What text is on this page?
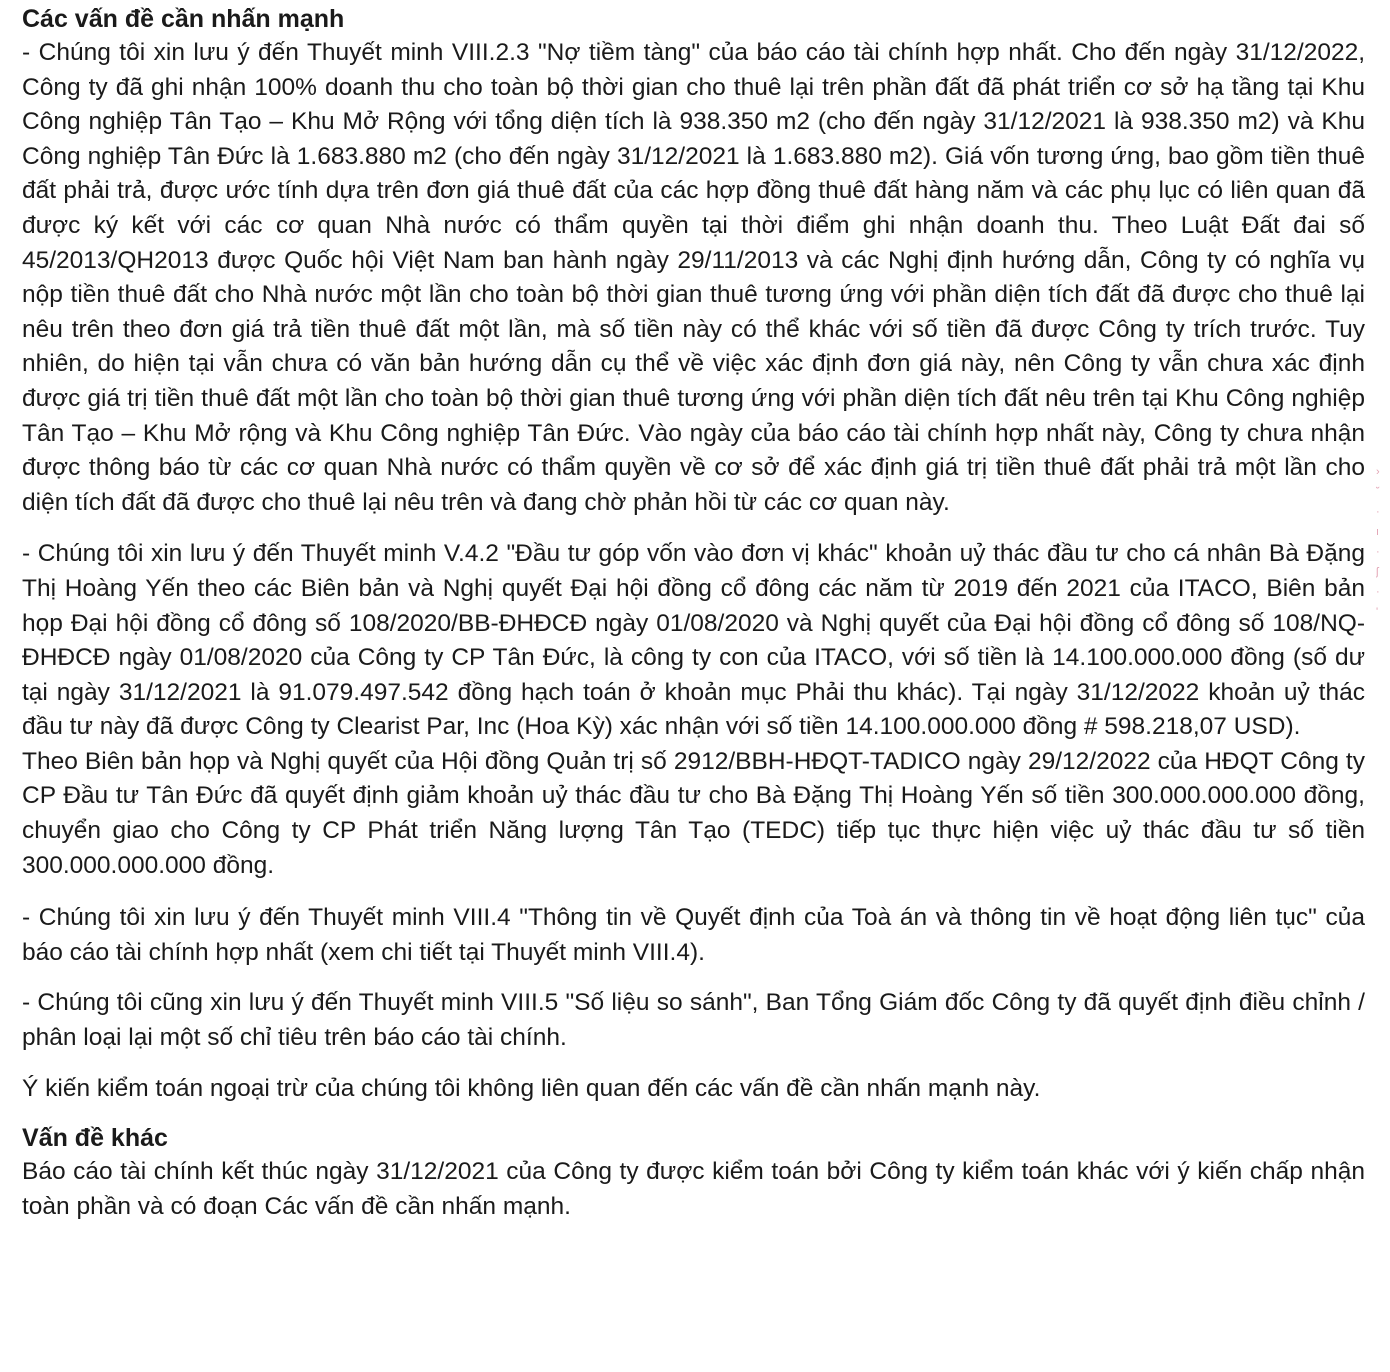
Các vấn đề cần nhấn mạnh

- Chúng tôi xin lưu ý đến Thuyết minh VIII.2.3 "Nợ tiềm tàng" của báo cáo tài chính hợp nhất. Cho đến ngày 31/12/2022, Công ty đã ghi nhận 100% doanh thu cho toàn bộ thời gian cho thuê lại trên phần đất đã phát triển cơ sở hạ tầng tại Khu Công nghiệp Tân Tạo – Khu Mở Rộng với tổng diện tích là 938.350 m2 (cho đến ngày 31/12/2021 là 938.350 m2) và Khu Công nghiệp Tân Đức là 1.683.880 m2 (cho đến ngày 31/12/2021 là 1.683.880 m2). Giá vốn tương ứng, bao gồm tiền thuê đất phải trả, được ước tính dựa trên đơn giá thuê đất của các hợp đồng thuê đất hàng năm và các phụ lục có liên quan đã được ký kết với các cơ quan Nhà nước có thẩm quyền tại thời điểm ghi nhận doanh thu. Theo Luật Đất đai số 45/2013/QH2013 được Quốc hội Việt Nam ban hành ngày 29/11/2013 và các Nghị định hướng dẫn, Công ty có nghĩa vụ nộp tiền thuê đất cho Nhà nước một lần cho toàn bộ thời gian thuê tương ứng với phần diện tích đất đã được cho thuê lại nêu trên theo đơn giá trả tiền thuê đất một lần, mà số tiền này có thể khác với số tiền đã được Công ty trích trước. Tuy nhiên, do hiện tại vẫn chưa có văn bản hướng dẫn cụ thể về việc xác định đơn giá này, nên Công ty vẫn chưa xác định được giá trị tiền thuê đất một lần cho toàn bộ thời gian thuê tương ứng với phần diện tích đất nêu trên tại Khu Công nghiệp Tân Tạo – Khu Mở rộng và Khu Công nghiệp Tân Đức. Vào ngày của báo cáo tài chính hợp nhất này, Công ty chưa nhận được thông báo từ các cơ quan Nhà nước có thẩm quyền về cơ sở để xác định giá trị tiền thuê đất phải trả một lần cho diện tích đất đã được cho thuê lại nêu trên và đang chờ phản hồi từ các cơ quan này.

- Chúng tôi xin lưu ý đến Thuyết minh V.4.2 "Đầu tư góp vốn vào đơn vị khác" khoản uỷ thác đầu tư cho cá nhân Bà Đặng Thị Hoàng Yến theo các Biên bản và Nghị quyết Đại hội đồng cổ đông các năm từ 2019 đến 2021 của ITACO, Biên bản họp Đại hội đồng cổ đông số 108/2020/BB-ĐHĐCĐ ngày 01/08/2020 và Nghị quyết của Đại hội đồng cổ đông số 108/NQ-ĐHĐCĐ ngày 01/08/2020 của Công ty CP Tân Đức, là công ty con của ITACO, với số tiền là 14.100.000.000 đồng (số dư tại ngày 31/12/2021 là 91.079.497.542 đồng hạch toán ở khoản mục Phải thu khác). Tại ngày 31/12/2022 khoản uỷ thác đầu tư này đã được Công ty Clearist Par, Inc (Hoa Kỳ) xác nhận với số tiền 14.100.000.000 đồng # 598.218,07 USD).

Theo Biên bản họp và Nghị quyết của Hội đồng Quản trị số 2912/BBH-HĐQT-TADICO ngày 29/12/2022 của HĐQT Công ty CP Đầu tư Tân Đức đã quyết định giảm khoản uỷ thác đầu tư cho Bà Đặng Thị Hoàng Yến số tiền 300.000.000.000 đồng, chuyển giao cho Công ty CP Phát triển Năng lượng Tân Tạo (TEDC) tiếp tục thực hiện việc uỷ thác đầu tư số tiền 300.000.000.000 đồng.

- Chúng tôi xin lưu ý đến Thuyết minh VIII.4 "Thông tin về Quyết định của Toà án và thông tin về hoạt động liên tục" của báo cáo tài chính hợp nhất (xem chi tiết tại Thuyết minh VIII.4).

- Chúng tôi cũng xin lưu ý đến Thuyết minh VIII.5 "Số liệu so sánh", Ban Tổng Giám đốc Công ty đã quyết định điều chỉnh / phân loại lại một số chỉ tiêu trên báo cáo tài chính.

Ý kiến kiểm toán ngoại trừ của chúng tôi không liên quan đến các vấn đề cần nhấn mạnh này.

Vấn đề khác

Báo cáo tài chính kết thúc ngày 31/12/2021 của Công ty được kiểm toán bởi Công ty kiểm toán khác với ý kiến chấp nhận toàn phần và có đoạn Các vấn đề cần nhấn mạnh.

›
˘
·
ı
·
ʃ
·
'
